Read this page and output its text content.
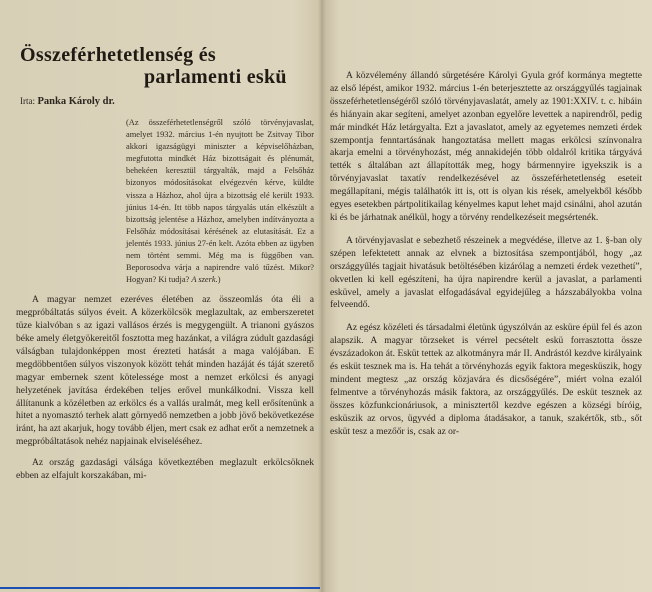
Összeférhetetlenség és
parlamenti eskü
Irta: Panka Károly dr.

(Az összeférhetetlenségről szóló törvényjavaslat, amelyet 1932. március 1-én nyujtott be Zsitvay Tibor akkori igazságügyi miniszter a képviselőházban, megfutotta mindkét Ház bizottságait és plénumát, behekéen keresztül tárgyalták, majd a Felsőház bizonyos módosításokat elvégezvén kérve, küldte vissza a Házhoz, ahol újra a bizottság elé került 1933. június 14-én. Itt több napos tárgyalás után elkészült a bizottság jelentése a Házhoz, amelyben indítványozta a Felsőház módosításai kérésének az elutasítását. Ez a jelentés 1933. június 27-én kelt. Azóta ebben az ügyben nem történt semmi. Még ma is függőben van. Beporosodva várja a napirendre való tűzést. Mikor? Hogyan? Ki tudja? A szerk.)

A magyar nemzet ezeréves életében az összeomlás óta éli a megpróbáltatás súlyos éveit. A közerkölcsök meglazultak, az emberszeretet tüze kialvóban s az igazi vallásos érzés is megygengült. A trianoni gyászos béke amely életgyökereitől fosztotta meg hazánkat, a világra zúdult gazdasági válságban tulajdonképpen most érezteti hatását a maga valójában. E megdöbbentően súlyos viszonyok között tehát minden hazáját és táját szerető magyar embernek szent kötelessége most a nemzet erkölcsi és anyagi helyzetének javítása érdekében teljes erővel munkálkodni. Vissza kell állítanunk a közéletben az erkölcs és a vallás uralmát, meg kell erősítenünk a hitet a nyomasztó terhek alatt görnyedő nemzetben a jobb jövő bekövetkezése iránt, ha azt akarjuk, hogy tovább éljen, mert csak ez adhat erőt a nemzetnek a megpróbáltatások nehéz napjainak elviseléséhez.

Az ország gazdasági válsága következtében meglazult erkölcsöknek ebben az elfajult korszakában, mi-

A közvélemény állandó sürgetésére Károlyi Gyula gróf kormánya megtette az első lépést, amikor 1932. március 1-én beterjesztette az országgyűlés tagjainak összeférhetetlenségéről szóló törvényjavaslatát, amely az 1901:XXIV. t. c. hibáin és hiányain akar segíteni, amelyet azonban egyelőre levettek a napirendről, pedig már mindkét Ház letárgyalta. Ezt a javaslatot, amely az egyetemes nemzeti érdek szempontja fenntartásának hangoztatása mellett magas erkölcsi színvonalra akarja emelni a törvényhozást, még annakidején több oldalról kritika tárgyává tették s általában azt állapították meg, hogy bármennyire igyekszik is a törvényjavaslat taxatív rendelkezésével az összeférhetetlenség eseteit megállapítani, mégis találhatók itt is, ott is olyan kis rések, amelyekből később egyes esetekben pártpolitikailag kényelmes kaput lehet majd csinálni, ahol azután ki és be járhatnak anélkül, hogy a törvény rendelkezéseit megsértenék.

A törvényjavaslat e sebezhető részeinek a megvédése, illetve az 1. §-ban oly szépen lefektetett annak az elvnek a biztosítása szempontjából, hogy „az országgyűlés tagjait hivatásuk betöltésében kizárólag a nemzeti érdek vezethetí”, okvetlen ki kell egészíteni, ha újra napirendre kerül a javaslat, a parlamenti esküvel, amely a javaslat elfogadásával egyidejűleg a házszabályokba volna felveendő.

Az egész közéleti és társadalmi életünk úgyszólván az esküre épül fel és azon alapszik. A magyar törzseket is vérrel pecsételt eskü forrasztotta össze évszázadokon át. Esküt tettek az alkotmányra már II. Andrástól kezdve királyaink és esküt tesznek ma is. Ha tehát a törvényhozás egyik faktora megesküszik, hogy mindent megtesz „az ország közjavára és dicsőségére”, miért volna ezalól felmentve a törvényhozás másik faktora, az országgyűlés. De esküt tesznek az összes közfunkcionáriusok, a minisztertől kezdve egészen a községi bíróig, esküszik az orvos, ügyvéd a diploma átadásakor, a tanuk, szakértők, stb., sőt esküt tesz a mezőőr is, csak az or-
